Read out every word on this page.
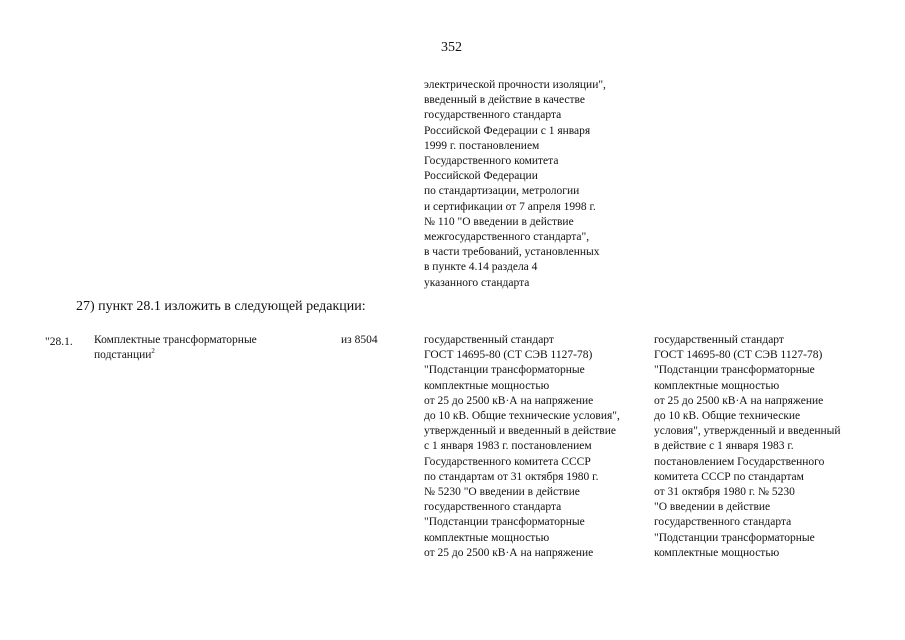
352
электрической прочности изоляции",
введенный в действие в качестве
государственного стандарта
Российской Федерации с 1 января
1999 г. постановлением
Государственного комитета
Российской Федерации
по стандартизации, метрологии
и сертификации от 7 апреля 1998 г.
№ 110 "О введении в действие
межгосударственного стандарта",
в части требований, установленных
в пункте 4.14 раздела 4
указанного стандарта
27) пункт 28.1 изложить в следующей редакции:
"28.1. Комплектные трансформаторные
подстанции$^2$
из 8504	государственный стандарт
ГОСТ 14695-80 (СТ СЭВ 1127-78)
"Подстанции трансформаторные
комплектные мощностью
от 25 до 2500 кВ·А на напряжение
до 10 кВ. Общие технические условия",
утвержденный и введенный в действие
с 1 января 1983 г. постановлением
Государственного комитета СССР
по стандартам от 31 октября 1980 г.
№ 5230 "О введении в действие
государственного стандарта
"Подстанции трансформаторные
комплектные мощностью
от 25 до 2500 кВ·А на напряжение
государственный стандарт
ГОСТ 14695-80 (СТ СЭВ 1127-78)
"Подстанции трансформаторные
комплектные мощностью
от 25 до 2500 кВ·А на напряжение
до 10 кВ. Общие технические
условия", утвержденный и введенный
в действие с 1 января 1983 г.
постановлением Государственного
комитета СССР по стандартам
от 31 октября 1980 г. № 5230
"О введении в действие
государственного стандарта
"Подстанции трансформаторные
комплектные мощностью
